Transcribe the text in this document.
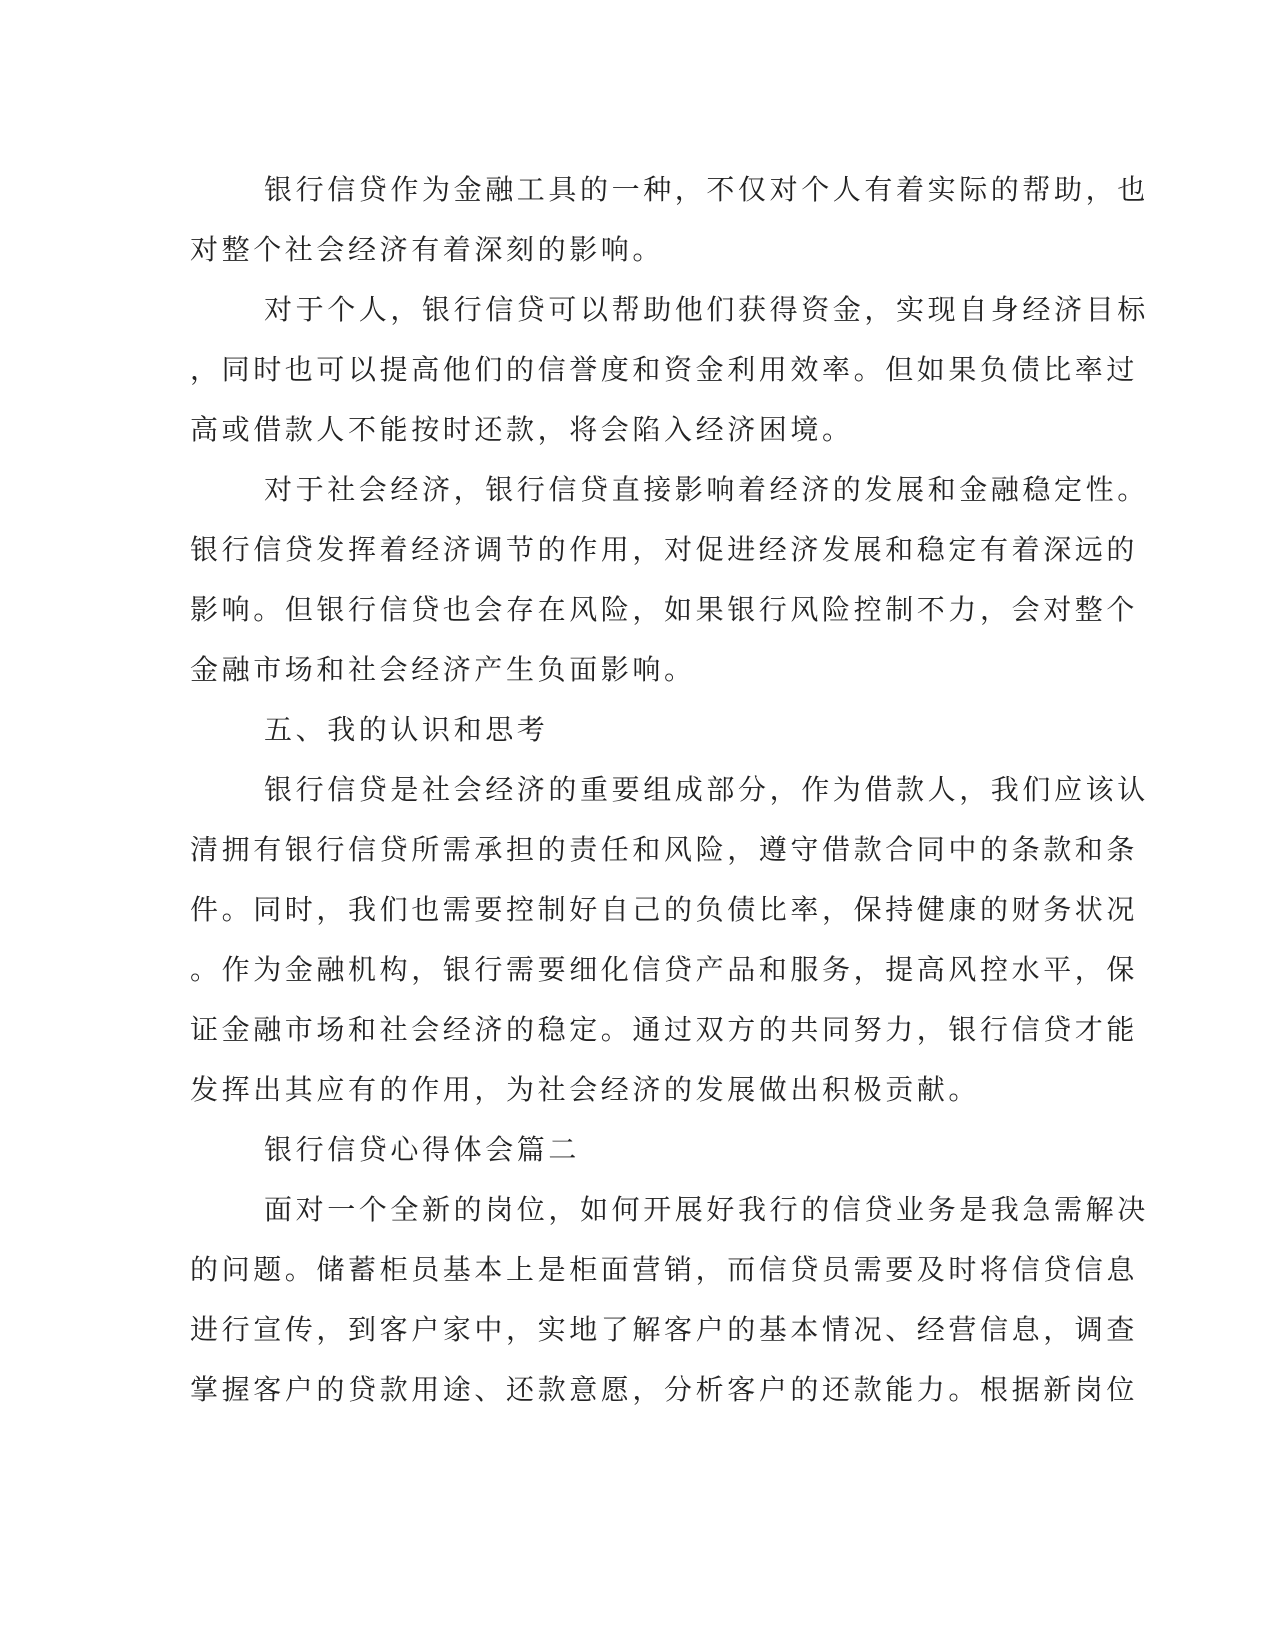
银行信贷作为金融工具的一种，不仅对个人有着实际的帮助，也
对整个社会经济有着深刻的影响。
对于个人，银行信贷可以帮助他们获得资金，实现自身经济目标
，同时也可以提高他们的信誉度和资金利用效率。但如果负债比率过
高或借款人不能按时还款，将会陷入经济困境。
对于社会经济，银行信贷直接影响着经济的发展和金融稳定性。
银行信贷发挥着经济调节的作用，对促进经济发展和稳定有着深远的
影响。但银行信贷也会存在风险，如果银行风险控制不力，会对整个
金融市场和社会经济产生负面影响。
五、我的认识和思考
银行信贷是社会经济的重要组成部分，作为借款人，我们应该认
清拥有银行信贷所需承担的责任和风险，遵守借款合同中的条款和条
件。同时，我们也需要控制好自己的负债比率，保持健康的财务状况
。作为金融机构，银行需要细化信贷产品和服务，提高风控水平，保
证金融市场和社会经济的稳定。通过双方的共同努力，银行信贷才能
发挥出其应有的作用，为社会经济的发展做出积极贡献。
银行信贷心得体会篇二
面对一个全新的岗位，如何开展好我行的信贷业务是我急需解决
的问题。储蓄柜员基本上是柜面营销，而信贷员需要及时将信贷信息
进行宣传，到客户家中，实地了解客户的基本情况、经营信息，调查
掌握客户的贷款用途、还款意愿，分析客户的还款能力。根据新岗位
